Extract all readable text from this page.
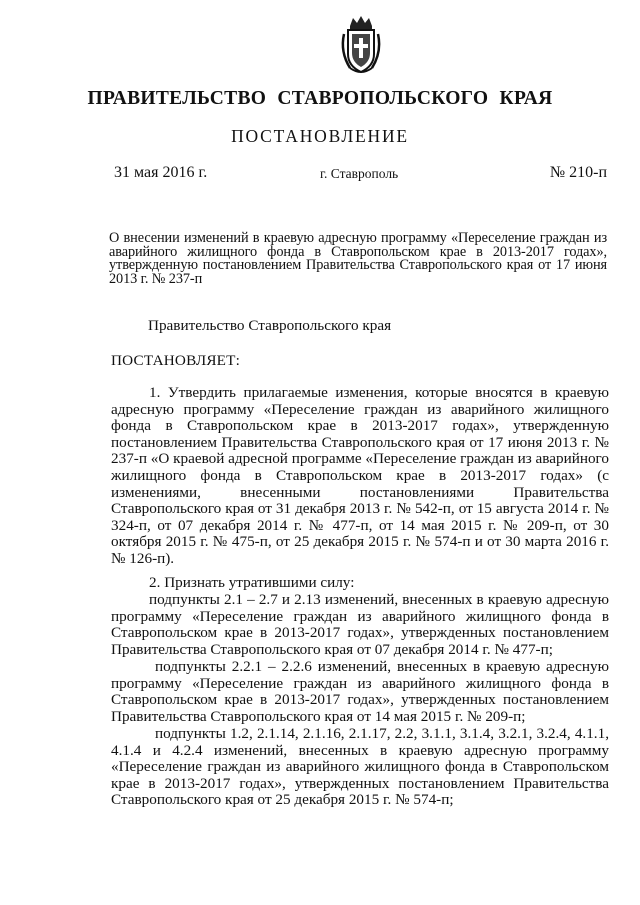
ПРАВИТЕЛЬСТВО СТАВРОПОЛЬСКОГО КРАЯ
ПОСТАНОВЛЕНИЕ
31 мая 2016 г.	г. Ставрополь	№ 210-п

О внесении изменений в краевую адресную программу «Переселение граждан из аварийного жилищного фонда в Ставропольском крае в 2013-2017 годах», утвержденную постановлением Правительства Ставропольского края от 17 июня 2013 г. № 237-п

Правительство Ставропольского края
ПОСТАНОВЛЯЕТ:

1. Утвердить прилагаемые изменения, которые вносятся в краевую адресную программу «Переселение граждан из аварийного жилищного фонда в Ставропольском крае в 2013-2017 годах», утвержденную постановлением Правительства Ставропольского края от 17 июня 2013 г. № 237-п «О краевой адресной программе «Переселение граждан из аварийного жилищного фонда в Ставропольском крае в 2013-2017 годах» (с изменениями, внесенными постановлениями Правительства Ставропольского края от 31 декабря 2013 г. № 542-п, от 15 августа 2014 г. № 324-п, от 07 декабря 2014 г. № 477-п, от 14 мая 2015 г. № 209-п, от 30 октября 2015 г. № 475-п, от 25 декабря 2015 г. № 574-п и от 30 марта 2016 г. № 126-п).

2. Признать утратившими силу:

подпункты 2.1 – 2.7 и 2.13 изменений, внесенных в краевую адресную программу «Переселение граждан из аварийного жилищного фонда в Ставропольском крае в 2013-2017 годах», утвержденных постановлением Правительства Ставропольского края от 07 декабря 2014 г. № 477-п;

подпункты 2.2.1 – 2.2.6 изменений, внесенных в краевую адресную программу «Переселение граждан из аварийного жилищного фонда в Ставропольском крае в 2013-2017 годах», утвержденных постановлением Правительства Ставропольского края от 14 мая 2015 г. № 209-п;

подпункты 1.2, 2.1.14, 2.1.16, 2.1.17, 2.2, 3.1.1, 3.1.4, 3.2.1, 3.2.4, 4.1.1, 4.1.4 и 4.2.4 изменений, внесенных в краевую адресную программу «Переселение граждан из аварийного жилищного фонда в Ставропольском крае в 2013-2017 годах», утвержденных постановлением Правительства Ставропольского края от 25 декабря 2015 г. № 574-п;
